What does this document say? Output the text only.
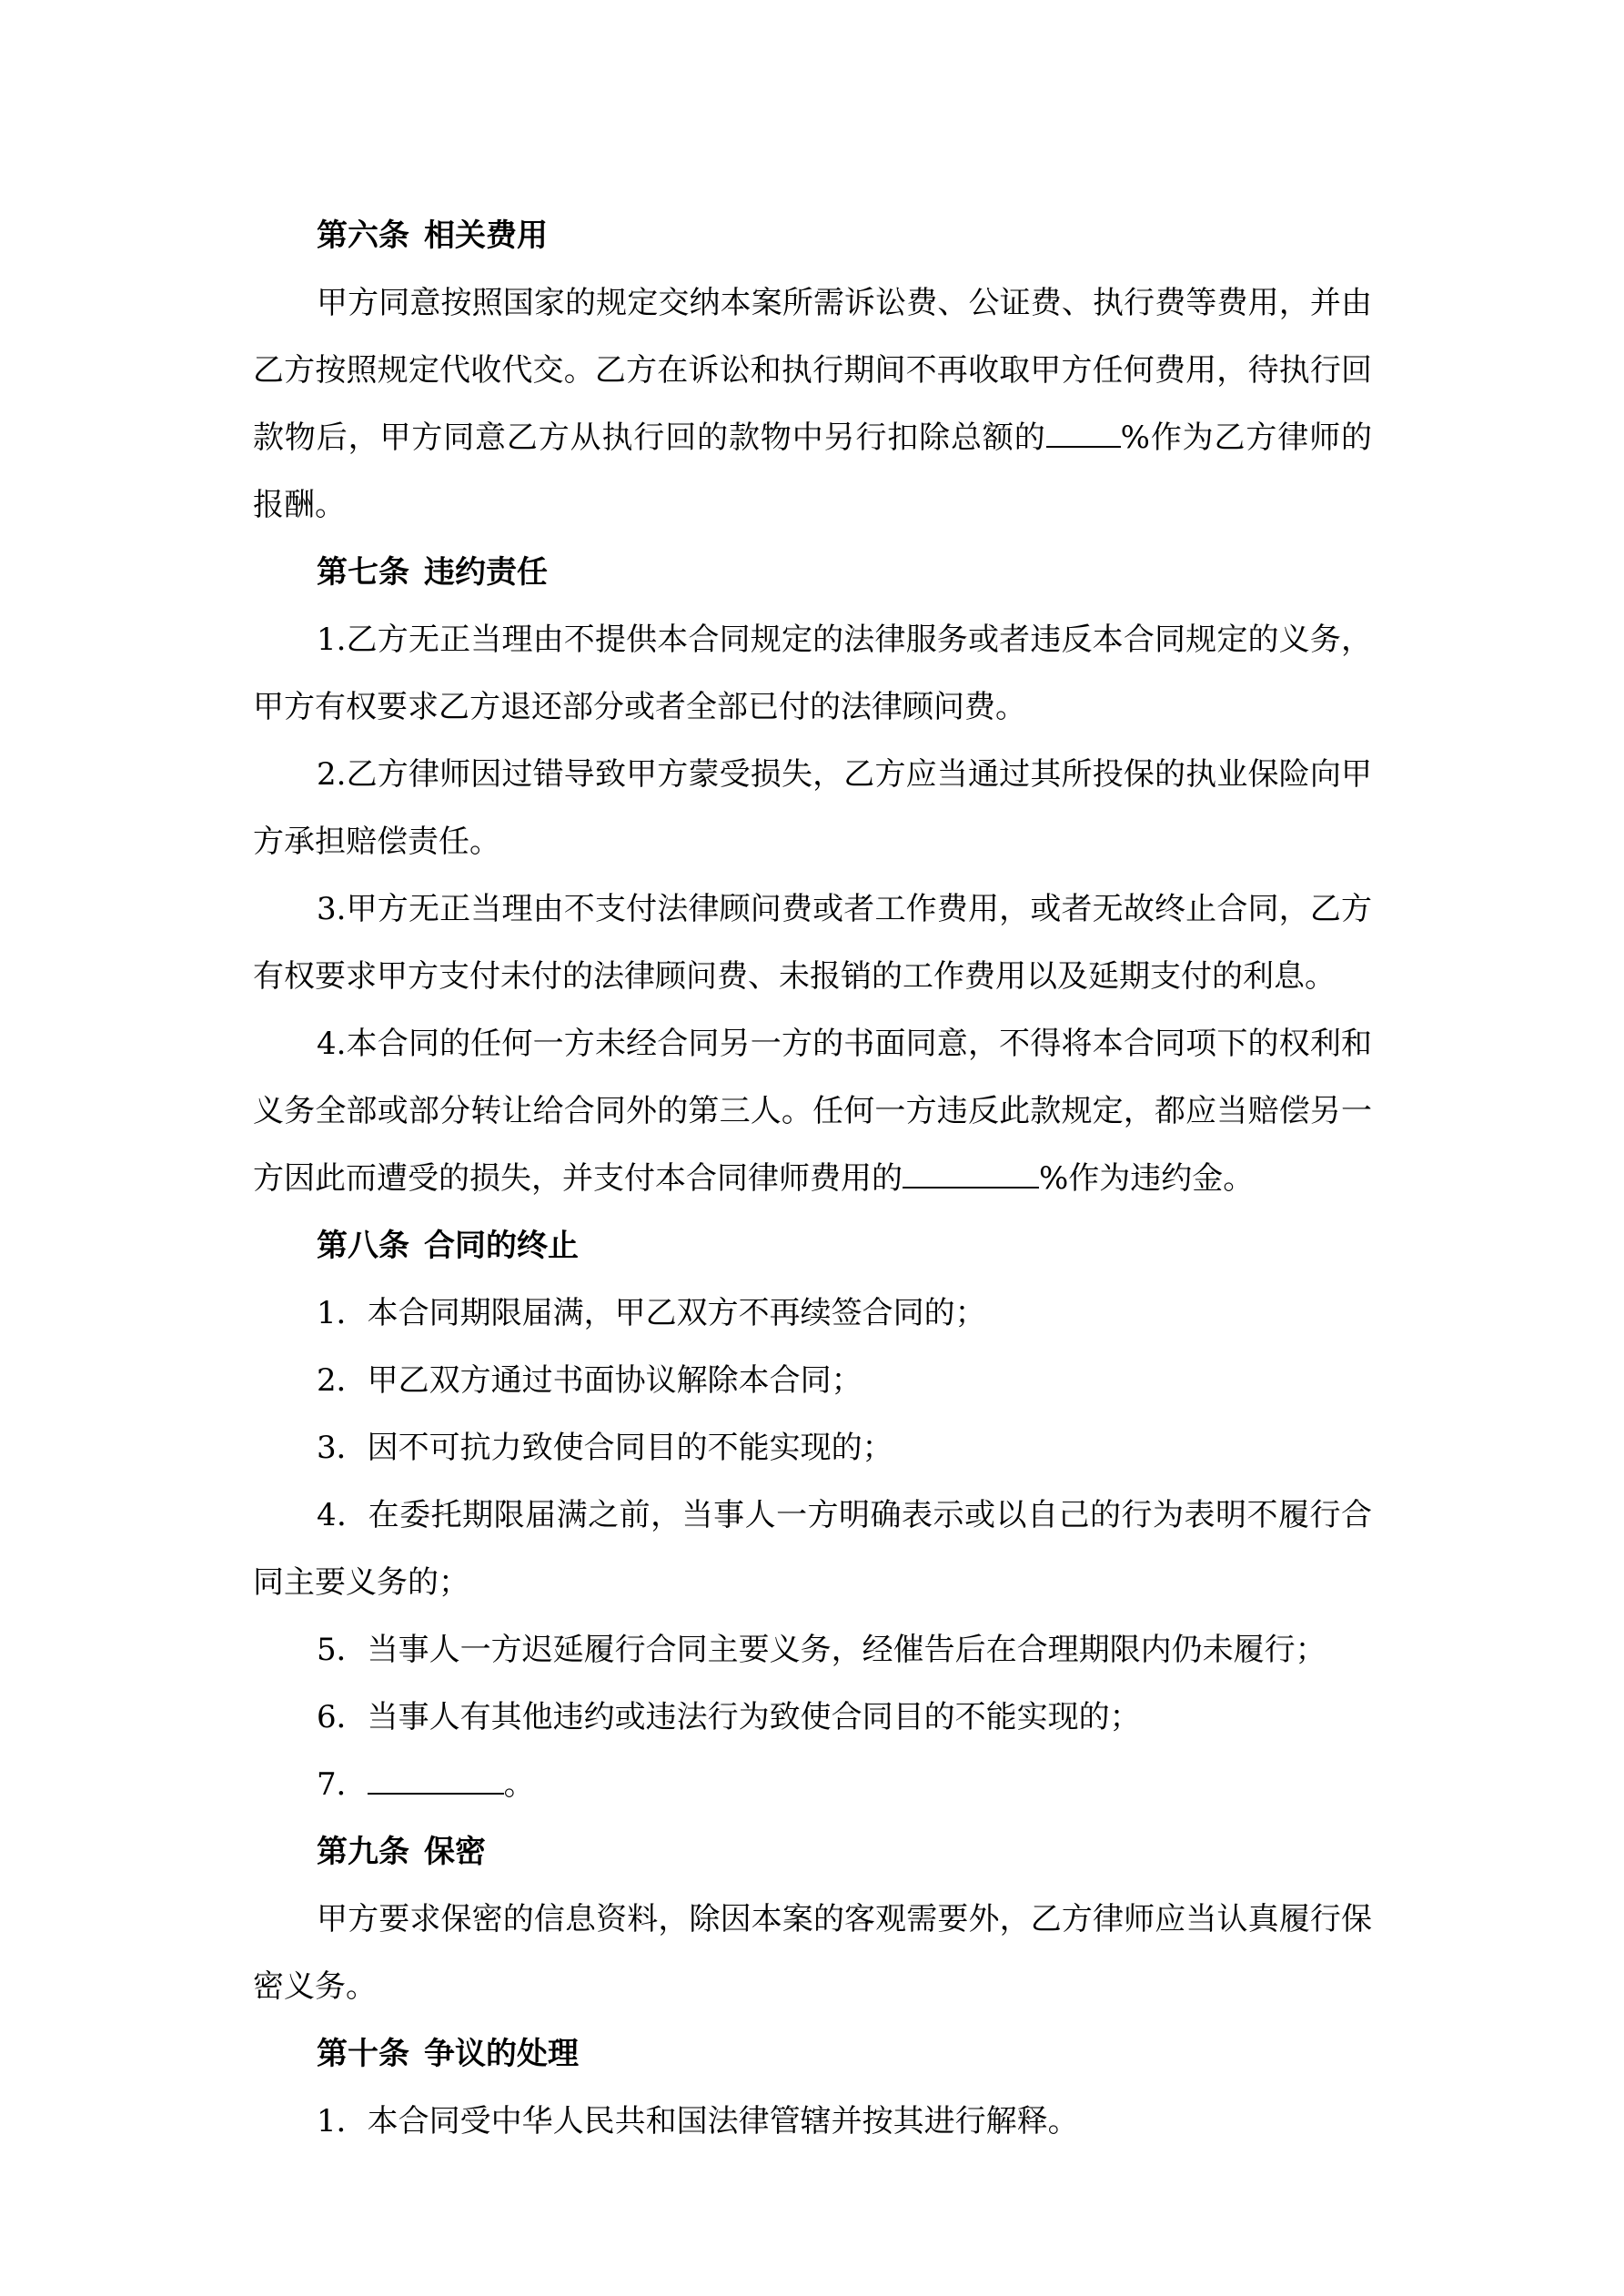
第六条 相关费用

甲方同意按照国家的规定交纳本案所需诉讼费、公证费、执行费等费用，并由乙方按照规定代收代交。乙方在诉讼和执行期间不再收取甲方任何费用，待执行回款物后，甲方同意乙方从执行回的款物中另行扣除总额的 %作为乙方律师的报酬。

第七条 违约责任

1.乙方无正当理由不提供本合同规定的法律服务或者违反本合同规定的义务，甲方有权要求乙方退还部分或者全部已付的法律顾问费。

2.乙方律师因过错导致甲方蒙受损失，乙方应当通过其所投保的执业保险向甲方承担赔偿责任。

3.甲方无正当理由不支付法律顾问费或者工作费用，或者无故终止合同，乙方有权要求甲方支付未付的法律顾问费、未报销的工作费用以及延期支付的利息。

4.本合同的任何一方未经合同另一方的书面同意，不得将本合同项下的权利和义务全部或部分转让给合同外的第三人。任何一方违反此款规定，都应当赔偿另一方因此而遭受的损失，并支付本合同律师费用的	%作为违约金。

第八条 合同的终止

1．本合同期限届满，甲乙双方不再续签合同的；

2．甲乙双方通过书面协议解除本合同；

3．因不可抗力致使合同目的不能实现的；

4．在委托期限届满之前，当事人一方明确表示或以自己的行为表明不履行合同主要义务的；

5．当事人一方迟延履行合同主要义务，经催告后在合理期限内仍未履行；

6．当事人有其他违约或违法行为致使合同目的不能实现的；

7．	。

第九条 保密

甲方要求保密的信息资料，除因本案的客观需要外，乙方律师应当认真履行保密义务。

第十条 争议的处理

1．本合同受中华人民共和国法律管辖并按其进行解释。
